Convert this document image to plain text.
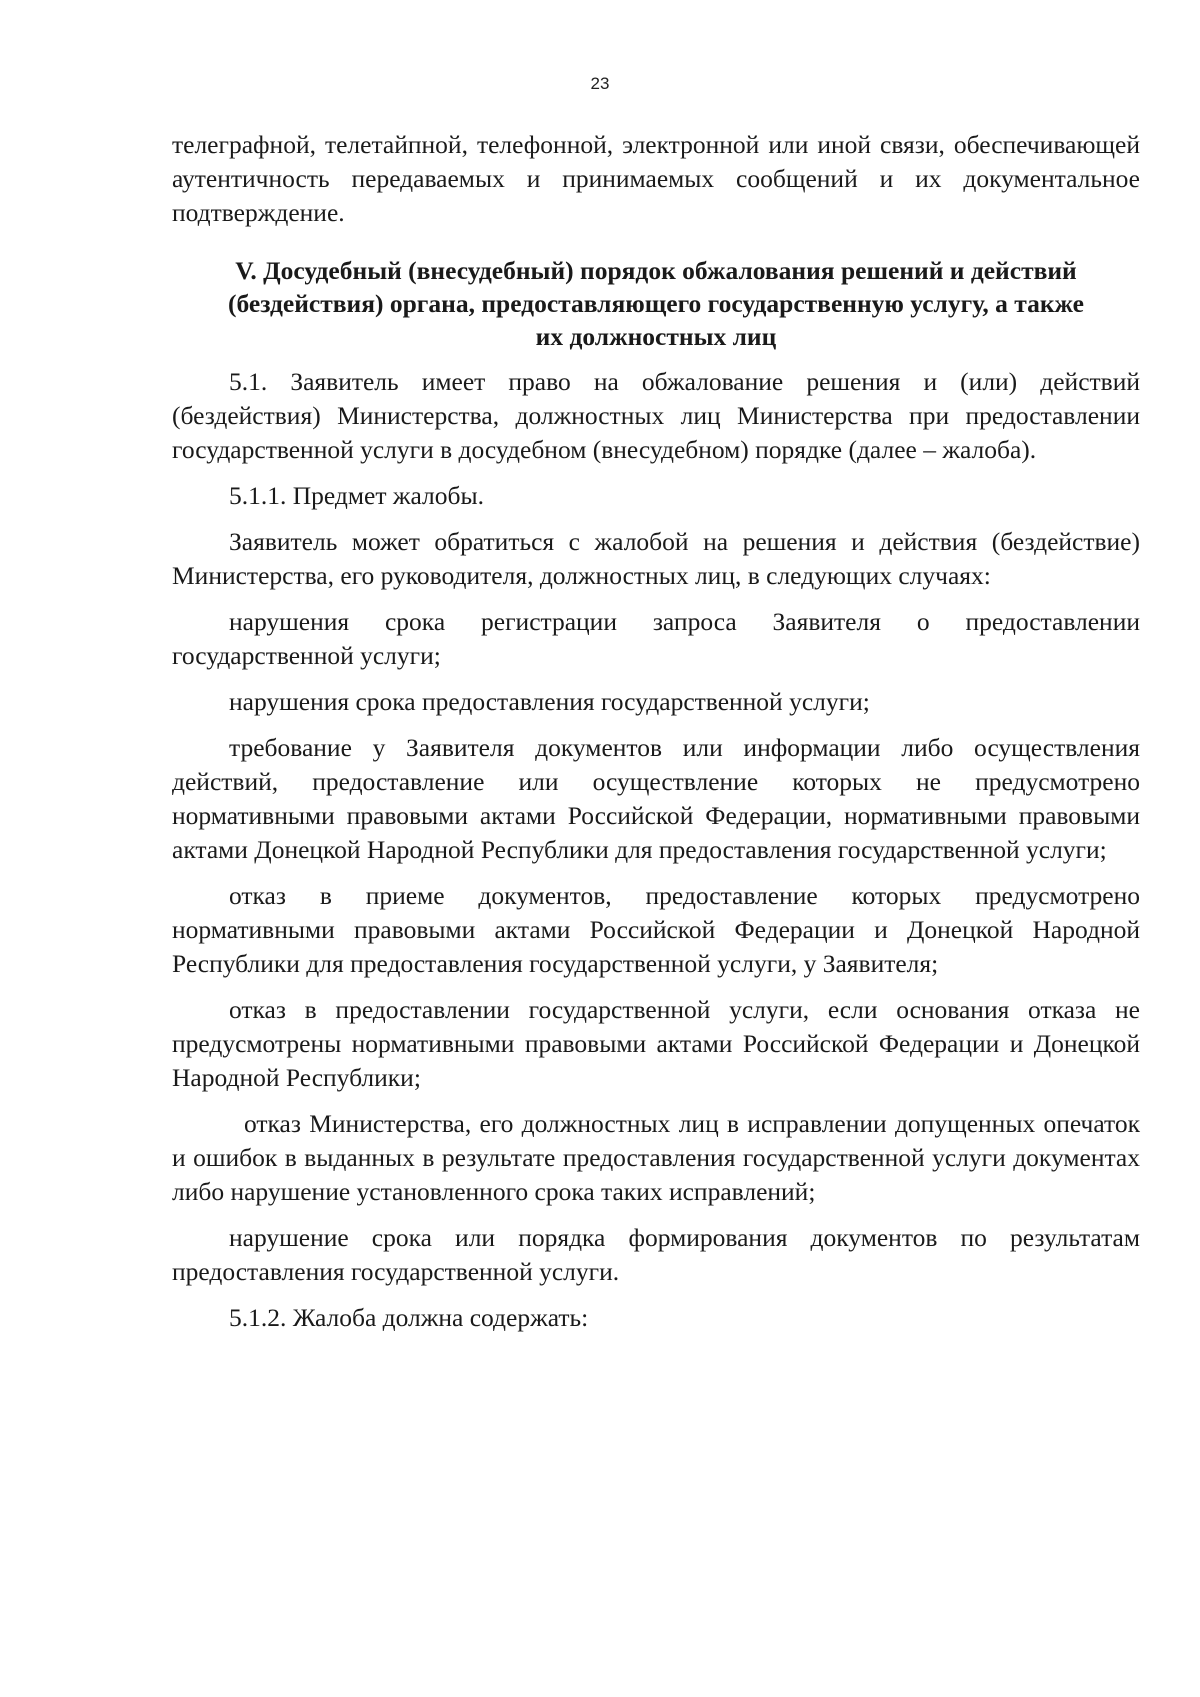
23

телеграфной, телетайпной, телефонной, электронной или иной связи, обеспечивающей аутентичность передаваемых и принимаемых сообщений и их документальное подтверждение.

V. Досудебный (внесудебный) порядок обжалования решений и действий
(бездействия) органа, предоставляющего государственную услугу, а также
их должностных лиц

5.1. Заявитель имеет право на обжалование решения и (или) действий (бездействия) Министерства, должностных лиц Министерства при предоставлении государственной услуги в досудебном (внесудебном) порядке (далее – жалоба).

5.1.1. Предмет жалобы.

Заявитель может обратиться с жалобой на решения и действия (бездействие) Министерства, его руководителя, должностных лиц, в следующих случаях:

нарушения срока регистрации запроса Заявителя о предоставлении государственной услуги;

нарушения срока предоставления государственной услуги;

требование у Заявителя документов или информации либо осуществления действий, предоставление или осуществление которых не предусмотрено нормативными правовыми актами Российской Федерации, нормативными правовыми актами Донецкой Народной Республики для предоставления государственной услуги;

отказ в приеме документов, предоставление которых предусмотрено нормативными правовыми актами Российской Федерации и Донецкой Народной Республики для предоставления государственной услуги, у Заявителя;

отказ в предоставлении государственной услуги, если основания отказа не предусмотрены нормативными правовыми актами Российской Федерации и Донецкой Народной Республики;

отказ Министерства, его должностных лиц в исправлении допущенных опечаток и ошибок в выданных в результате предоставления государственной услуги документах либо нарушение установленного срока таких исправлений;

нарушение срока или порядка формирования документов по результатам предоставления государственной услуги.

5.1.2. Жалоба должна содержать:
